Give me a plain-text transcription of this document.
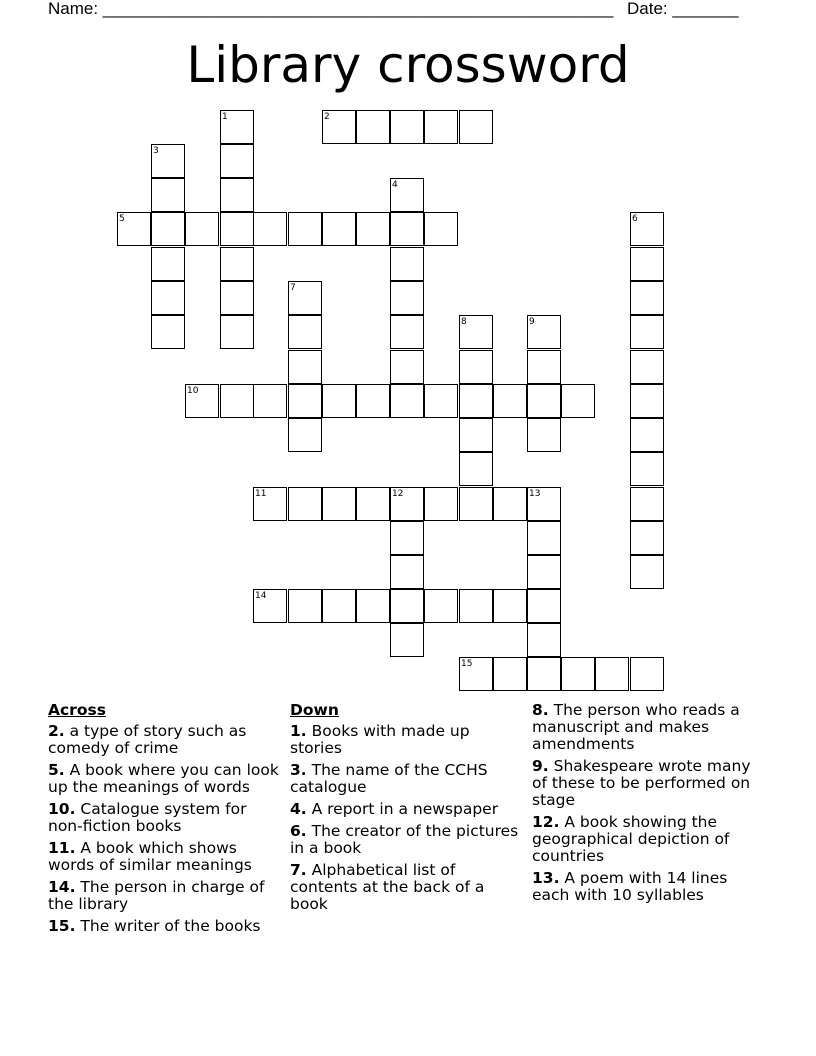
Name: ______________________________________________________ Date: _______
Library crossword
1	2
3
4
5	6
7
8	9
10
11	12	13
14
15
Across
2. a type of story such as comedy of crime
5. A book where you can look up the meanings of words
10. Catalogue system for non-fiction books
11. A book which shows words of similar meanings
14. The person in charge of the library
15. The writer of the books
Down
1. Books with made up stories
3. The name of the CCHS catalogue
4. A report in a newspaper
6. The creator of the pictures in a book
7. Alphabetical list of contents at the back of a book
8. The person who reads a manuscript and makes amendments
9. Shakespeare wrote many of these to be performed on stage
12. A book showing the geographical depiction of countries
13. A poem with 14 lines each with 10 syllables
